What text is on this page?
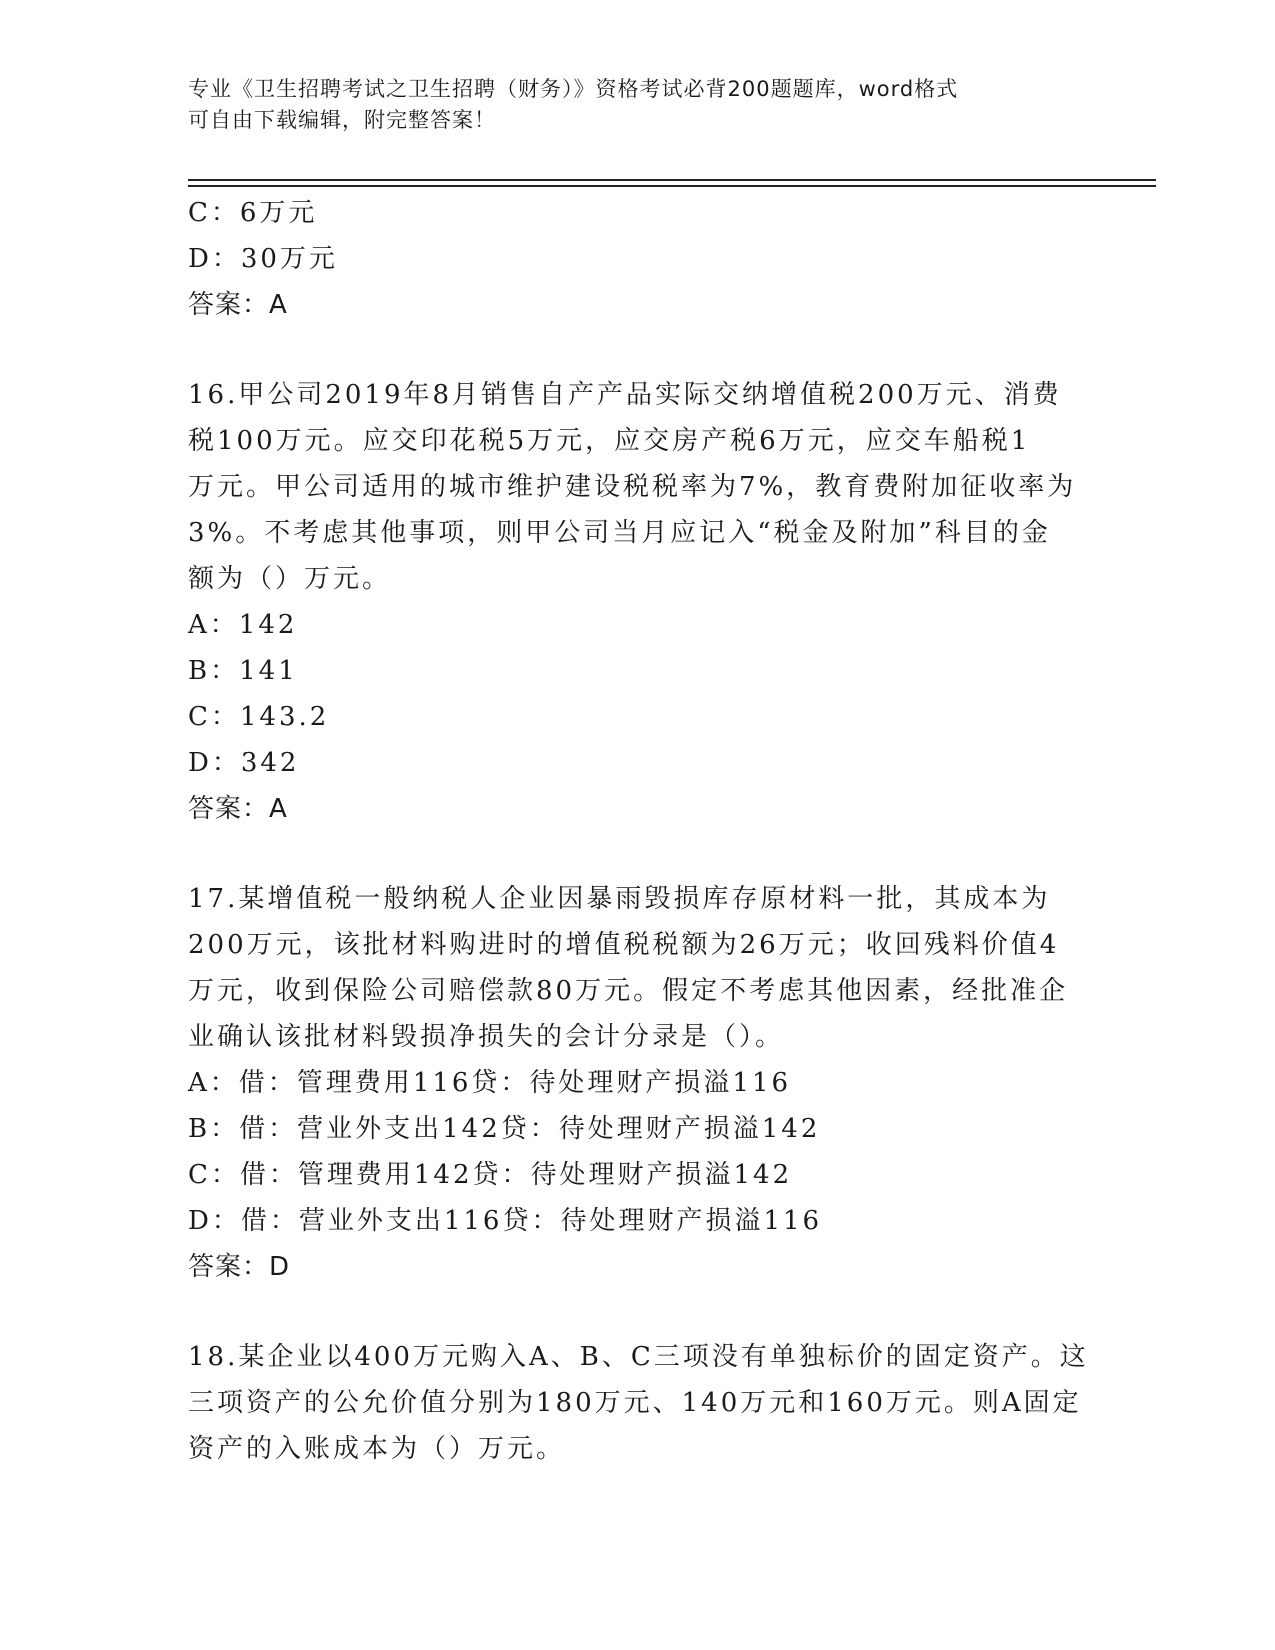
专业《卫生招聘考试之卫生招聘（财务）》资格考试必背200题题库，word格式
可自由下载编辑，附完整答案！
C：6万元
D：30万元
答案：A
16.甲公司2019年8月销售自产产品实际交纳增值税200万元、消费
税100万元。应交印花税5万元，应交房产税6万元，应交车船税1
万元。甲公司适用的城市维护建设税税率为7%，教育费附加征收率为
3%。不考虑其他事项，则甲公司当月应记入“税金及附加”科目的金
额为（）万元。
A：142
B：141
C：143.2
D：342
答案：A
17.某增值税一般纳税人企业因暴雨毁损库存原材料一批，其成本为
200万元，该批材料购进时的增值税税额为26万元；收回残料价值4
万元，收到保险公司赔偿款80万元。假定不考虑其他因素，经批准企
业确认该批材料毁损净损失的会计分录是（）。
A：借：管理费用116贷：待处理财产损溢116
B：借：营业外支出142贷：待处理财产损溢142
C：借：管理费用142贷：待处理财产损溢142
D：借：营业外支出116贷：待处理财产损溢116
答案：D
18.某企业以400万元购入A、B、C三项没有单独标价的固定资产。这
三项资产的公允价值分别为180万元、140万元和160万元。则A固定
资产的入账成本为（）万元。
